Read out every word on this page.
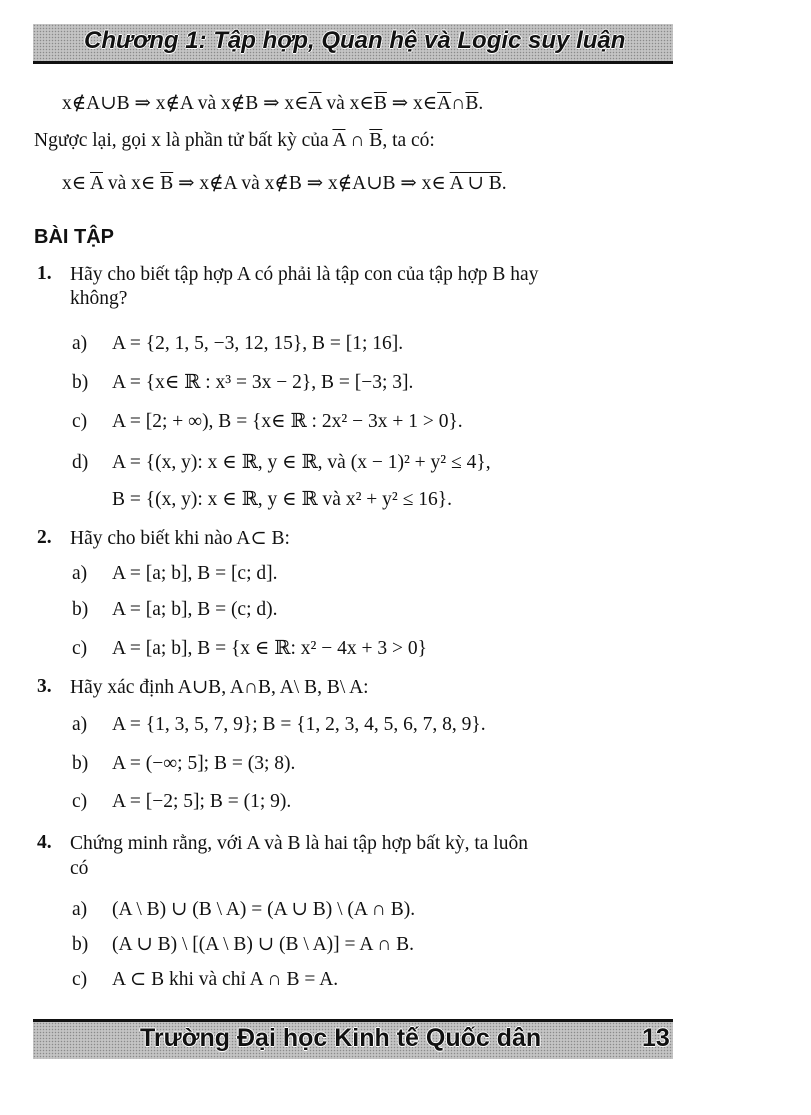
Chương 1: Tập hợp, Quan hệ và Logic suy luận
x∉A∪B ⇒ x∉A và x∉B ⇒ $x\in\overline{A}$ và $x\in\overline{B}$ ⇒ $x\in\overline{A}\cap\overline{B}$.
Ngược lại, gọi x là phần tử bất kỳ của $\overline{A}$ ∩ $\overline{B}$, ta có:
x∈ $\overline{A}$ và x∈ $\overline{B}$ ⇒ x∉A và x∉B ⇒ x∉A∪B ⇒ x∈ A ∪ B.
BÀI TẬP
1. Hãy cho biết tập hợp A có phải là tập con của tập hợp B hay
không?
a) A = {2, 1, 5, −3, 12, 15}, B = [1; 16].
b) A = {x∈ ℝ : x³ = 3x − 2}, B = [−3; 3].
c) A = [2; + ∞), B = {x∈ ℝ : 2x² − 3x + 1 > 0}.
d) A = {(x, y): x ∈ ℝ, y ∈ ℝ, và (x − 1)² + y² ≤ 4},
B = {(x, y): x ∈ ℝ, y ∈ ℝ và x² + y² ≤ 16}.
2. Hãy cho biết khi nào A⊂ B:
a) A = [a; b], B = [c; d].
b) A = [a; b], B = (c; d).
c) A = [a; b], B = {x ∈ ℝ: x² − 4x + 3 > 0}
3. Hãy xác định A∪B, A∩B, A\ B, B\ A:
a) A = {1, 3, 5, 7, 9}; B = {1, 2, 3, 4, 5, 6, 7, 8, 9}.
b) A = (−∞; 5]; B = (3; 8).
c) A = [−2; 5]; B = (1; 9).
4. Chứng minh rằng, với A và B là hai tập hợp bất kỳ, ta luôn
có
a) (A \ B) ∪ (B \ A) = (A ∪ B) \ (A ∩ B).
b) (A ∪ B) \ [(A \ B) ∪ (B \ A)] = A ∩ B.
c) A ⊂ B khi và chỉ A ∩ B = A.
Trường Đại học Kinh tế Quốc dân	13
